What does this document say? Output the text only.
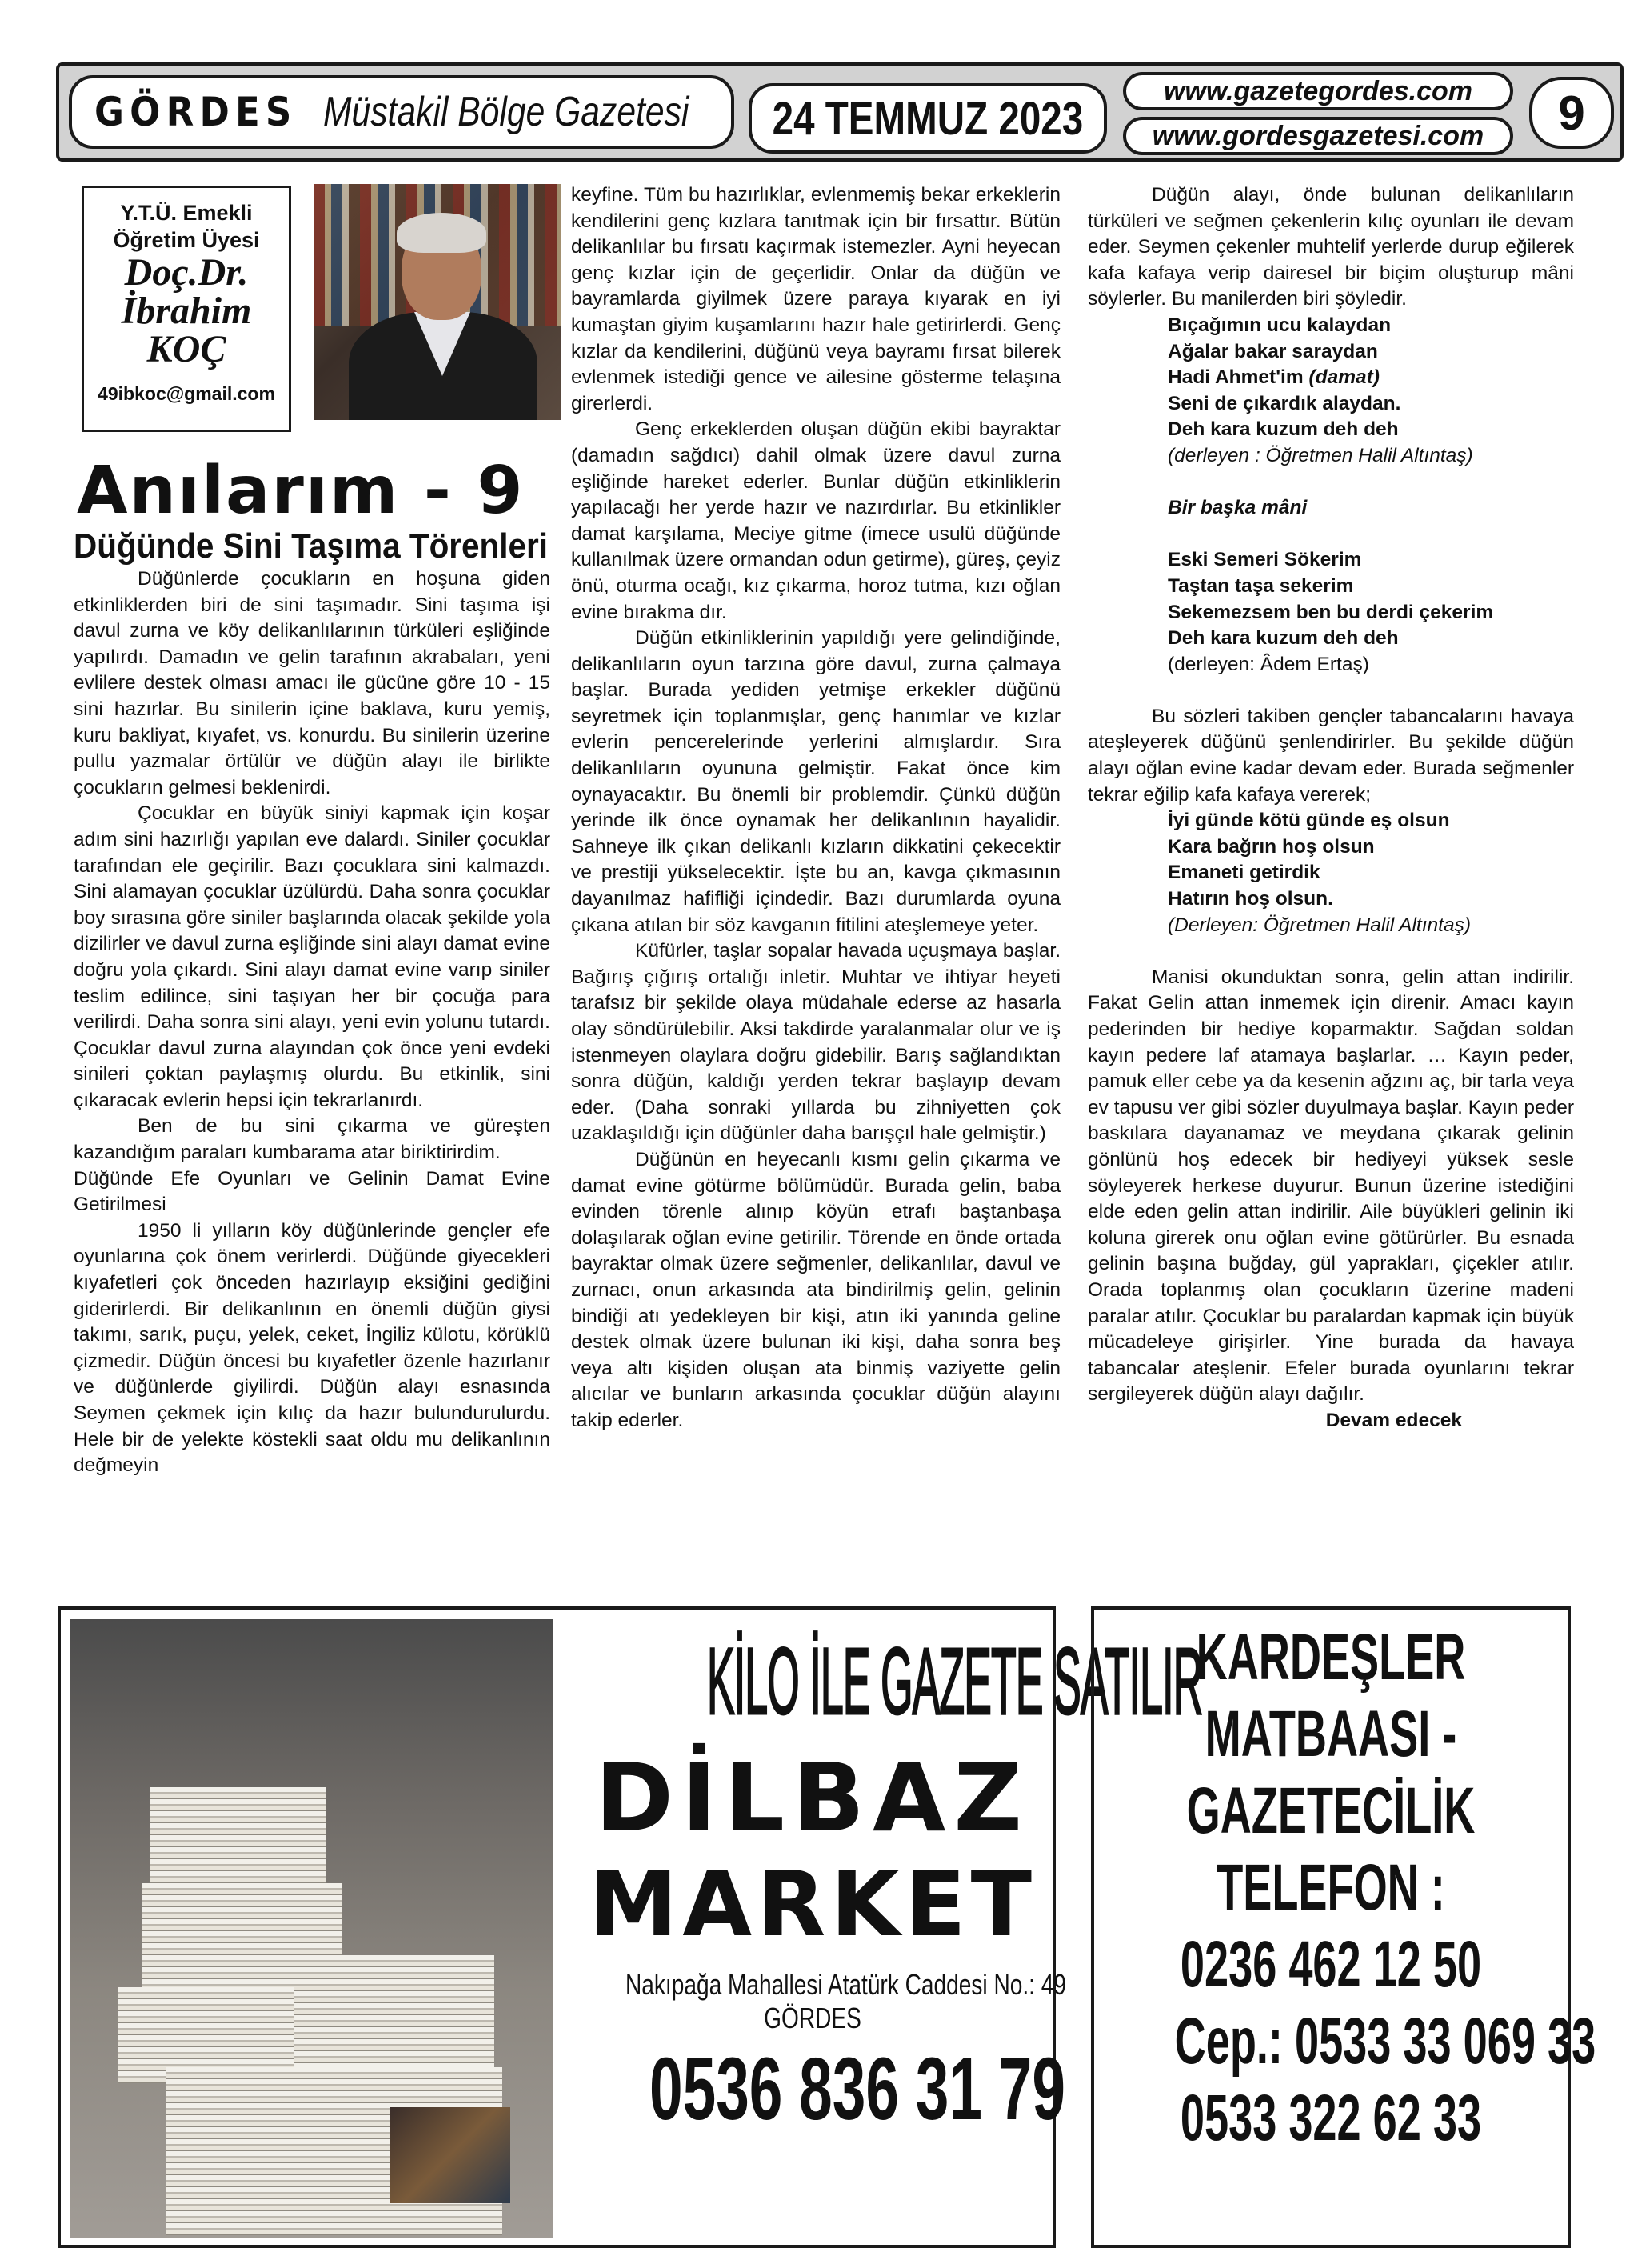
GÖRDES Müstakil Bölge Gazetesi 24 TEMMUZ 2023
www.gazetegordes.com
www.gordesgazetesi.com	9
Y.T.Ü. Emekli
Öğretim Üyesi
Doç.Dr.
İbrahim
KOÇ
49ibkoc@gmail.com
Anılarım - 9
Düğünde Sini Taşıma Törenleri

Düğünlerde çocukların en hoşuna giden etkinliklerden biri de sini taşımadır. Sini taşıma işi davul zurna ve köy delikanlılarının türküleri eşliğinde yapılırdı. Damadın ve gelin tarafının akrabaları, yeni evlilere destek olması amacı ile gücüne göre 10 - 15 sini hazırlar. Bu sinilerin içine baklava, kuru yemiş, kuru bakliyat, kıyafet, vs. konurdu. Bu sinilerin üzerine pullu yazmalar örtülür ve düğün alayı ile birlikte çocukların gelmesi beklenirdi.

Çocuklar en büyük siniyi kapmak için koşar adım sini hazırlığı yapılan eve dalardı. Siniler çocuklar tarafından ele geçirilir. Bazı çocuklara sini kalmazdı. Sini alamayan çocuklar üzülürdü. Daha sonra çocuklar boy sırasına göre siniler başlarında olacak şekilde yola dizilirler ve davul zurna eşliğinde sini alayı damat evine doğru yola çıkardı. Sini alayı damat evine varıp siniler teslim edilince, sini taşıyan her bir çocuğa para verilirdi. Daha sonra sini alayı, yeni evin yolunu tutardı. Çocuklar davul zurna alayından çok önce yeni evdeki sinileri çoktan paylaşmış olurdu. Bu etkinlik, sini çıkaracak evlerin hepsi için tekrarlanırdı.

Ben de bu sini çıkarma ve güreşten kazandığım paraları kumbarama atar biriktirirdim.

Düğünde Efe Oyunları ve Gelinin Damat Evine Getirilmesi

1950 li yılların köy düğünlerinde gençler efe oyunlarına çok önem verirlerdi. Düğünde giyecekleri kıyafetleri çok önceden hazırlayıp eksiğini gediğini giderirlerdi. Bir delikanlının en önemli düğün giysi takımı, sarık, puçu, yelek, ceket, İngiliz külotu, körüklü çizmedir. Düğün öncesi bu kıyafetler özenle hazırlanır ve düğünlerde giyilirdi. Düğün alayı esnasında Seymen çekmek için kılıç da hazır bulundurulurdu. Hele bir de yelekte köstekli saat oldu mu delikanlının değmeyin

keyfine. Tüm bu hazırlıklar, evlenmemiş bekar erkeklerin kendilerini genç kızlara tanıtmak için bir fırsattır. Bütün delikanlılar bu fırsatı kaçırmak istemezler. Ayni heyecan genç kızlar için de geçerlidir. Onlar da düğün ve bayramlarda giyilmek üzere paraya kıyarak en iyi kumaştan giyim kuşamlarını hazır hale getirirlerdi. Genç kızlar da kendilerini, düğünü veya bayramı fırsat bilerek evlenmek istediği gence ve ailesine gösterme telaşına girerlerdi.

Genç erkeklerden oluşan düğün ekibi bayraktar (damadın sağdıcı) dahil olmak üzere davul zurna eşliğinde hareket ederler. Bunlar düğün etkinliklerin yapılacağı her yerde hazır ve nazırdırlar. Bu etkinlikler damat karşılama, Meciye gitme (imece usulü düğünde kullanılmak üzere ormandan odun getirme), güreş, çeyiz önü, oturma ocağı, kız çıkarma, horoz tutma, kızı oğlan evine bırakma dır.

Düğün etkinliklerinin yapıldığı yere gelindiğinde, delikanlıların oyun tarzına göre davul, zurna çalmaya başlar. Burada yediden yetmişe erkekler düğünü seyretmek için toplanmışlar, genç hanımlar ve kızlar evlerin pencerelerinde yerlerini almışlardır. Sıra delikanlıların oyununa gelmiştir. Fakat önce kim oynayacaktır. Bu önemli bir problemdir. Çünkü düğün yerinde ilk önce oynamak her delikanlının hayalidir. Sahneye ilk çıkan delikanlı kızların dikkatini çekecektir ve prestiji yükselecektir. İşte bu an, kavga çıkmasının dayanılmaz hafifliği içindedir. Bazı durumlarda oyuna çıkana atılan bir söz kavganın fitilini ateşlemeye yeter.

Küfürler, taşlar sopalar havada uçuşmaya başlar. Bağırış çığırış ortalığı inletir. Muhtar ve ihtiyar heyeti tarafsız bir şekilde olaya müdahale ederse az hasarla olay söndürülebilir. Aksi takdirde yaralanmalar olur ve iş istenmeyen olaylara doğru gidebilir. Barış sağlandıktan sonra düğün, kaldığı yerden tekrar başlayıp devam eder. (Daha sonraki yıllarda bu zihniyetten çok uzaklaşıldığı için düğünler daha barışçıl hale gelmiştir.)

Düğünün en heyecanlı kısmı gelin çıkarma ve damat evine götürme bölümüdür. Burada gelin, baba evinden törenle alınıp köyün etrafı baştanbaşa dolaşılarak oğlan evine getirilir. Törende en önde ortada bayraktar olmak üzere seğmenler, delikanlılar, davul ve zurnacı, onun arkasında ata bindirilmiş gelin, gelinin bindiği atı yedekleyen bir kişi, atın iki yanında geline destek olmak üzere bulunan iki kişi, daha sonra beş veya altı kişiden oluşan ata binmiş vaziyette gelin alıcılar ve bunların arkasında çocuklar düğün alayını takip ederler.

Düğün alayı, önde bulunan delikanlıların türküleri ve seğmen çekenlerin kılıç oyunları ile devam eder. Seymen çekenler muhtelif yerlerde durup eğilerek kafa kafaya verip dairesel bir biçim oluşturup mâni söylerler. Bu manilerden biri şöyledir.

Bıçağımın ucu kalaydan
Ağalar bakar saraydan
Hadi Ahmet'im (damat)
Seni de çıkardık alaydan.
Deh kara kuzum deh deh
(derleyen : Öğretmen Halil Altıntaş)

Bir başka mâni

Eski Semeri Sökerim
Taştan taşa sekerim
Sekemezsem ben bu derdi çekerim
Deh kara kuzum deh deh
(derleyen: Âdem Ertaş)

Bu sözleri takiben gençler tabancalarını havaya ateşleyerek düğünü şenlendirirler. Bu şekilde düğün alayı oğlan evine kadar devam eder. Burada seğmenler tekrar eğilip kafa kafaya vererek;

İyi günde kötü günde eş olsun
Kara bağrın hoş olsun
Emaneti getirdik
Hatırın hoş olsun.
(Derleyen: Öğretmen Halil Altıntaş)

Manisi okunduktan sonra, gelin attan indirilir. Fakat Gelin attan inmemek için direnir. Amacı kayın pederinden bir hediye koparmaktır. Sağdan soldan kayın pedere laf atamaya başlarlar. … Kayın peder, pamuk eller cebe ya da kesenin ağzını aç, bir tarla veya ev tapusu ver gibi sözler duyulmaya başlar. Kayın peder baskılara dayanamaz ve meydana çıkarak gelinin gönlünü hoş edecek bir hediyeyi yüksek sesle söyleyerek herkese duyurur. Bunun üzerine istediğini elde eden gelin attan indirilir. Aile büyükleri gelinin iki koluna girerek onu oğlan evine götürürler. Bu esnada gelinin başına buğday, gül yaprakları, çiçekler atılır. Orada toplanmış olan çocukların üzerine madeni paralar atılır. Çocuklar bu paralardan kapmak için büyük mücadeleye girişirler. Yine burada da havaya tabancalar ateşlenir. Efeler burada oyunlarını tekrar sergileyerek düğün alayı dağılır.

Devam edecek
KİLO İLE GAZETE SATILIR
DİLBAZ
MARKET
Nakıpağa Mahallesi Atatürk Caddesi No.: 49
GÖRDES
0536 836 31 79
KARDEŞLER
MATBAASI -
GAZETECİLİK
TELEFON :
0236 462 12 50
Cep.: 0533 33 069 33
0533 322 62 33
